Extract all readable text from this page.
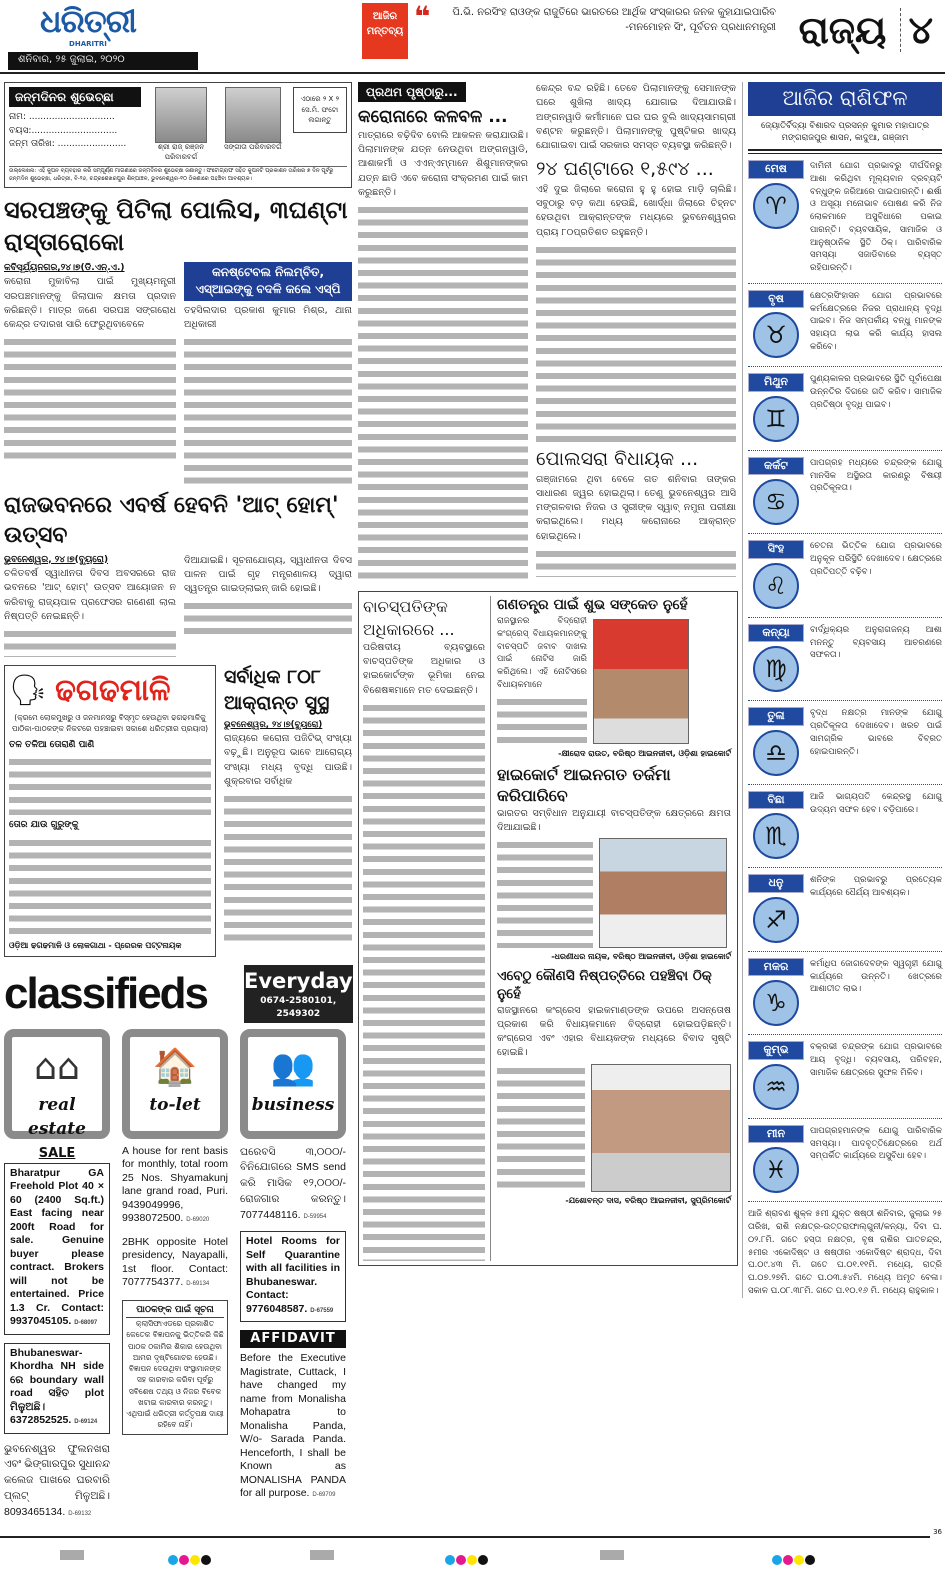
ଧରିତ୍ରୀ
DHARITRI
ଶନିବାର, ୨୫ ଜୁଲାଇ, ୨୦୨୦
ଆଜିର ମନ୍ତବ୍ୟ ❝	ପି.ଭି. ନରସିଂହ ରାଓଙ୍କ ରାଜୁତିରେ ଭାରତରେ ଆର୍ଥିକ ସଂସ୍କାରର ଜନକ କୁହାଯାଇପାରିବ
-ମନମୋହନ ସିଂ, ପୂର୍ବତନ ପ୍ରଧାନମନ୍ତ୍ରୀ ରାଜ୍ୟ ୪
ଜନ୍ମଦିନର ଶୁଭେଚ୍ଛା
ନାମ: ..............................
ବୟସ:..............................
ଜନ୍ମ ତାରିଖ: ........................	ଶ୍ରୀ ରାଜ୍ ରଞ୍ଜନ ପରିବାରବର୍ଗ
ସଙ୍ଗୀତା ପରିବାରବର୍ଗ
ଏଠାରେ ୨ X ୨ ସେ.ମି. ଫଟୋ ଲଗାନ୍ତୁ
ଉଲ୍ଲେଖନା: ଏହି କୁପନ ବ୍ୟବହାର କରି ସମ୍ପୂର୍ଣ୍ଣ ମାଗଣାରେ ଜନ୍ମଦିନର ଶୁଭେଚ୍ଛା ଜଣାନ୍ତୁ। ଫଟୋଗ୍ରାଫ ସହିତ କୁପନଟି ପ୍ରକାଶନ ତାରିଖର ୭ ଦିନ ପୂର୍ବରୁ ଜନ୍ମଦିନ ଶୁଭେଚ୍ଛା, ଧରିତ୍ରୀ, ବି-୨୬, ଚନ୍ଦ୍ରଶେଖରପୁର ଶିଳ୍ପାଞ୍ଚଳ, ଭୁବନେଶ୍ୱର-୧୦ ଠିକଣାରେ ପହଞ୍ଚିବା ଆବଶ୍ୟକ।
ସରପଞ୍ଚଙ୍କୁ ପିଟିଲା ପୋଲିସ, ୩ଘଣ୍ଟା ରାସ୍ତାରୋକୋ
କବିସୂର୍ଯ୍ୟନଗର,୨୪।୭(ଡି.ଏନ୍.ଏ.)
କରୋନା ମୁକାବିଲା ପାଇଁ ମୁଖ୍ୟମନ୍ତ୍ରୀ ସରପଞ୍ଚମାନଙ୍କୁ ଜିଲାପାଳ କ୍ଷମତା ପ୍ରଦାନ କରିଛନ୍ତି। ମାତ୍ର ଜଣେ ସରପଞ୍ଚ ସଙ୍ଗରୋଧ କେନ୍ଦ୍ର ତଦାରଖ ସାରି ଫେରୁଥିବାବେଳେ
କନଷ୍ଟେବଲ ନିଲମ୍ବିତ, ଏସ୍ଆଇଙ୍କୁ ବଦଳି କଲେ ଏସ୍ପି
ତହସିଲଦାର ପ୍ରକାଶ କୁମାର ମିଶ୍ର, ଥାନା ଅଧିକାରୀ
ରାଜଭବନରେ ଏବର୍ଷ ହେବନି 'ଆଟ୍ ହୋମ୍' ଉତ୍ସବ
ଭୁବନେଶ୍ୱର, ୨୪।୭(ବ୍ୟୁରୋ)
ଚଳିତବର୍ଷ ସ୍ୱାଧୀନତା ଦିବସ ଅବସରରେ ରାଜ ଭବନରେ 'ଆଟ୍ ହୋମ୍' ଉତ୍ସବ ଆୟୋଜନ ନ କରିବାକୁ ରାଜ୍ୟପାଳ ପ୍ରଫେସର ଗଣେଶୀ ଲାଲ ନିଷ୍ପତ୍ତି ନେଇଛନ୍ତି।
ଦିଆଯାଇଛି। ସୂଚନାଯୋଗ୍ୟ, ସ୍ୱାଧୀନତା ଦିବସ ପାଳନ ପାଇଁ ଗୃହ ମନ୍ତ୍ରଣାଳୟ ଦ୍ୱାରା ସ୍ୱତନ୍ତ୍ର ଗାଇଡ୍ଲାଇନ୍ ଜାରି ହୋଇଛି।
🗣 ଢଗଢମାଳି
(କ୍ରମେ ଲୋକମୁଖରୁ ଓ ଜନମାନସରୁ ବିସ୍ମୃତ ହେଉଥିବା ଢଗଢମାଳିକୁ ପାଠିକା-ପାଠକଙ୍କ ନିକଟରେ ପହଞ୍ଚାଇବା ସକାଶେ ଧରିତ୍ରୀର ପ୍ରୟାସ)
ତଳ ତଳିଆ ତୋରାଣି ପାଣି
ତୋର ଯାଉ ଗୁରୁଙ୍କୁ
ଓଡ଼ିଆ ଢଗଢମାଳି ଓ ଲୋକଗାଥା - ପ୍ରେରକ ପଟ୍ଟନାୟକ
ସର୍ବାଧିକ ୮୦୮ ଆକ୍ରାନ୍ତ ସୁସ୍ଥ
ଭୁବନେଶ୍ୱର, ୨୪।୭(ବ୍ୟୁରୋ)
ରାଜ୍ୟରେ କରୋନା ପଜିଟିଭ୍ ସଂଖ୍ୟା ବଢ଼ୁଛି। ଅନୁରୂପ ଭାବେ ଆରୋଗ୍ୟ ସଂଖ୍ୟା ମଧ୍ୟ ବୃଦ୍ଧି ପାଉଛି। ଶୁକ୍ରବାର ସର୍ବାଧିକ
classifieds	Everyday
0674-2580101, 2549302
⌂⌂
real estate
🏠
to-let
👥
business
SALE
Bharatpur GA Freehold Plot 40 × 60 (2400 Sq.ft.) East facing near 200ft Road for sale. Genuine buyer please contract. Brokers will not be entertained. Price 1.3 Cr. Contact: 9937045105. D-68097
Bhubaneswar-Khordha NH side ରେ boundary wall road ସହିତ plot ମିଳୁଅଛି। 6372852525. D-69124
ଭୁବନେଶ୍ୱର ଫୁଲନଖରା ଏବଂ ଭିଙ୍ଗାରପୁର ସୁଧାନନ୍ଦ କଲେଜ ପାଖରେ ଘରବାରି ପ୍ଲଟ୍ ମିଳୁଅଛି। 8093465134. D-69132
A house for rent basis for monthly, total room 25 Nos. Shyamakunj lane grand road, Puri. 9439049996, 9938072500. D-69020
2BHK opposite Hotel presidency, Nayapalli, 1st floor. Contact: 7077754377. D-69134
ପାଠକଙ୍କ ପାଇଁ ସୂଚନା
କ୍ଲାସିଫାଏଡରେ ପ୍ରକାଶିତ କେତେକ ବିଜ୍ଞାପନକୁ ଭିତ୍ତିକରି କିଛି ପାଠକ ଠକାମିର ଶିକାର ହେଉଥିବା ଆମର ଦୃଷ୍ଟିଗୋଚର ହେଉଛି। ବିଜ୍ଞାପନ ଦେଉଥିବା ସଂସ୍ଥାମାନଙ୍କ ସହ କାରବାର କରିବା ପୂର୍ବରୁ ସବିଶେଷ ତଥ୍ୟ ଓ ନିଜର ବିବେକ ଖଟାଇ କାରବାର କରନ୍ତୁ। ଏଥିପାଇଁ ଧରିତ୍ରୀ କର୍ତ୍ତୃପକ୍ଷ ଦାୟୀ ରହିବେ ନାହିଁ।
ଘରେବସି ୩,୦୦୦/- ବିନିଯୋଗରେ SMS send କରି ମାସିକ ୧୨,୦୦୦/- ରୋଜଗାର କରନ୍ତୁ। 7077448116. D-59954
Hotel Rooms for Self Quarantine with all facilities in Bhubaneswar. Contact: 9776048587. D-67559
AFFIDAVIT
Before the Executive Magistrate, Cuttack, I have changed my name from Monalisha Mohapatra to Monalisha Panda, W/o- Sarada Panda. Henceforth, I shall be Known as MONALISHA PANDA for all purpose. D-69709
ପ୍ରଥମ ପୃଷ୍ଠାରୁ...
କରୋନାରେ କଳବଳ ...
ମାତ୍ରାରେ ବଢ଼ିଦିବ ବୋଲି ଆକଳନ କରାଯାଉଛି। ପିଲାମାନଙ୍କ ଯତ୍ନ ନେଉଥିବା ଅଙ୍ଗନୱାଡି, ଆଶାକର୍ମୀ ଓ ଏଏନ୍ଏମ୍ମାନେ ଶିଶୁମାନଙ୍କର ଯତ୍ନ ଛାଡି ଏବେ କରୋନା ସଂକ୍ରମଣ ପାଇଁ କାମ କରୁଛନ୍ତି।
କେନ୍ଦ୍ର ବନ୍ଦ ରହିଛି। ତେବେ ପିଲାମାନଙ୍କୁ ସେମାନଙ୍କ ଘରେ ଶୁଖିଲା ଖାଦ୍ୟ ଯୋଗାଇ ଦିଆଯାଉଛି। ଅଙ୍ଗନୱାଡି କର୍ମୀମାନେ ଘର ଘର ବୁଲି ଖାଦ୍ୟସାମଗ୍ରୀ ବଣ୍ଟନ କରୁଛନ୍ତି। ପିଲାମାନଙ୍କୁ ପୁଷ୍ଟିକର ଖାଦ୍ୟ ଯୋଗାଇବା ପାଇଁ ସରକାର ସମସ୍ତ ବ୍ୟବସ୍ଥା କରିଛନ୍ତି।
୨୪ ଘଣ୍ଟାରେ ୧,୫୯୪ ...
ଏହି ଦୁଇ ଜିଲାରେ କରୋନା ହୁ ହୁ ହୋଇ ମାଡ଼ି ଚାଲିଛି। ସବୁଠାରୁ ବଡ଼ କଥା ହେଉଛି, ଖୋର୍ଦ୍ଧା ଜିଲାରେ ଚିହ୍ନଟ ହେଉଥିବା ଆକ୍ରାନ୍ତଙ୍କ ମଧ୍ୟରେ ଭୁବନେଶ୍ୱରର ପ୍ରାୟ ୮୦ପ୍ରତିଶତ ରହୁଛନ୍ତି।
ପୋଲସରା ବିଧାୟକ ...
ଗଞ୍ଜାମରେ ଥିବା ବେଳେ ଗତ ଶନିବାର ତାଙ୍କର ସାଧାରଣ ଜ୍ୱର ହୋଇଥିଲା। ତେଣୁ ଭୁବନେଶ୍ୱର ଆସି ମଙ୍ଗଳବାର ନିଜର ଓ ସ୍ତ୍ରୀଙ୍କ ସ୍ୱାବ୍ ନମୁନା ପରୀକ୍ଷା କରାଇଥିଲେ। ମଧ୍ୟ କରୋନାରେ ଆକ୍ରାନ୍ତ ହୋଇଥିଲେ।
ବାଚସ୍ପତିଙ୍କ ଅଧିକାରରେ ...
ପରିଷଦୀୟ ବ୍ୟବସ୍ଥାରେ ବାଚସ୍ପତିଙ୍କ ଅଧିକାର ଓ ହାଇକୋର୍ଟଙ୍କ ଭୂମିକା ନେଇ ବିଶେଷଜ୍ଞମାନେ ମତ ଦେଇଛନ୍ତି।
ଗଣତନ୍ତ୍ର ପାଇଁ ଶୁଭ ସଙ୍କେତ ନୁହେଁ
ରାଜସ୍ଥାନର ବିଦ୍ରୋହୀ କଂଗ୍ରେସ୍ ବିଧାୟକମାନଙ୍କୁ ବାଚସ୍ପତି ଜବାବ ଦାଖଲ ପାଇଁ ନୋଟିସ ଜାରି କରିଥିଲେ। ଏହି ନୋଟିସରେ ବିଧାୟକମାନେ
-କ୍ଷୀରୋଦ ରାଉତ, ବରିଷ୍ଠ ଆଇନଜୀବୀ, ଓଡ଼ିଶା ହାଇକୋର୍ଟ
ହାଇକୋର୍ଟ ଆଇନଗତ ତର୍ଜମା କରିପାରିବେ
ଭାରତର ସମ୍ବିଧାନ ଅନୁଯାୟୀ ବାଚସ୍ପତିଙ୍କ କ୍ଷେତ୍ରରେ କ୍ଷମତା ଦିଆଯାଇଛି।
-ଧରଣୀଧର ନାୟକ, ବରିଷ୍ଠ ଆଇନଜୀବୀ, ଓଡ଼ିଶା ହାଇକୋର୍ଟ
ଏବେଠୁ କୌଣସି ନିଷ୍ପତ୍ତିରେ ପହଞ୍ଚିବା ଠିକ୍ ନୁହେଁ
ରାଜସ୍ଥାନରେ କଂଗ୍ରେସ ହାଇକମାଣ୍ଡଙ୍କ ଉପରେ ଅସନ୍ତୋଷ ପ୍ରକାଶ କରି ବିଧାୟକମାନେ ବିଦ୍ରୋହୀ ହୋଇପଡ଼ିଛନ୍ତି। କଂଗ୍ରେସ ଏବଂ ଏହାର ବିଧାୟକଙ୍କ ମଧ୍ୟରେ ବିବାଦ ସୃଷ୍ଟି ହୋଇଛି।
-ଯଶୋବନ୍ତ ଦାସ, ବରିଷ୍ଠ ଆଇନଜୀବୀ, ସୁପ୍ରିମକୋର୍ଟ
ଆଜିର ରାଶିଫଳ
ଜ୍ୟୋତିର୍ବିଦ୍ୟା ବିଶାରଦ ପ୍ରସନ୍ନ କୁମାର ମହାପାତ୍ର
ମଙ୍ଗରାଜପୁର ଶାସନ, କାଦୁଆ, ଗଞ୍ଜାମ
ମେଷ
♈
ଦାମିନୀ ଯୋଗ ପ୍ରଭାବରୁ ଦୀର୍ଘଦିନରୁ ଆଶା କରିଥିବା ମୂଲ୍ୟବାନ ଦ୍ରବ୍ୟଟି ବନ୍ଧୁଙ୍କ ଜରିଆରେ ପାଇପାରନ୍ତି। ଈର୍ଷା ଓ ଅସୂୟା ମନୋଭାବ ପୋଷଣ କରି ନିଜ ଲୋକମାନେ ଅସୁବିଧାରେ ପକାଇ ପାରନ୍ତି। ବ୍ୟବସାୟିକ, ସାମାଜିକ ଓ ଆନୁଷ୍ଠାନିକ ସ୍ଥିତି ଠିକ୍। ପାରିବାରିକ ସମସ୍ୟା ସଜାଡିବାରେ ବ୍ୟସ୍ତ ରହିପାରନ୍ତି।
ବୃଷ
♉
କ୍ଷେତ୍ରସିଂହାସନ ଯୋଗ ପ୍ରଭାବରେ କର୍ମକ୍ଷେତ୍ରରେ ନିଜର ପ୍ରାଧାନ୍ୟ ବୃଦ୍ଧି ପାଇବ। ନିଜ ସମ୍ପର୍କୀୟ ବନ୍ଧୁ ମାନଙ୍କ ସହାୟତା ଲାଭ କରି କାର୍ଯ୍ୟ ହାସଲ କରିବେ।
ମିଥୁନ
♊
ପୁଣ୍ୟକାଳର ପ୍ରଭାବରେ ସ୍ଥିତି ପୂର୍ବାପେକ୍ଷା ଉନ୍ନତିର ଦିଗରେ ଗତି କରିବ। ସାମାଜିକ ପ୍ରତିଷ୍ଠା ବୃଦ୍ଧି ପାଇବ।
କର୍କଟ
♋
ପାପଗ୍ରହ ମଧ୍ୟରେ ଚନ୍ଦ୍ରଙ୍କ ଯୋଗୁ ମାନସିକ ଅସ୍ଥିରତା କାରଣରୁ ବିଷୟୀ ପ୍ରତିକୂଳତା।
ସିଂହ
♌
ଚେତନା ଭିତ୍ତିକ ଯୋଗ ପ୍ରଭାବରେ ଅନୁକୂଳ ପରିସ୍ଥିତି ଦେଖାଦେବ। କ୍ଷେତ୍ରରେ ପ୍ରତିପତ୍ତି ବଢ଼ିବ।
କନ୍ୟା
♍
ବାର୍ଦ୍ଧିକ୍ୟର ଅନୁରାଗଜନ୍ୟ ଆଶା ମନନ୍ତୁ ବ୍ୟବସାୟ ଆଚରଣରେ ସଫଳତା।
ତୁଳା
♎
ବୃଦ୍ଧ ନକ୍ଷତ୍ର ମାନଙ୍କ ଯୋଗୁ ପ୍ରତିକୂଳତା ଦେଖାଦେବ। ଖରଚ ପାଇଁ ସାମଗ୍ରିକ ଭାବରେ ବିବ୍ରତ ହୋଇପାରନ୍ତି।
ବିଛା
♏
ଆଜି ଭାଗ୍ୟପତି କେନ୍ଦ୍ରସ୍ଥ ଯୋଗୁ ଉଦ୍ୟମ ସଫଳ ହେବ। ବଡ଼ିପାରେ।
ଧନୁ
♐
ଶନିଙ୍କ ପ୍ରଭାବରୁ ପ୍ରତ୍ୟେକ କାର୍ଯ୍ୟରେ ଧୈର୍ଯ୍ୟ ଆବଶ୍ୟକ।
ମକର
♑
କର୍ମାଧିପ ଜୋଗଦେବଙ୍କ ସ୍ୱଗୃହୀ ଯୋଗୁ କାର୍ଯ୍ୟରେ ଉନ୍ନତି। ଖେତ୍ରରେ ଆଶାତୀତ ଲାଭ।
କୁମ୍ଭ
♒
ବକ୍ରଭୀ ଚନ୍ଦ୍ରଙ୍କ ଯୋଗ ପ୍ରଭାବରେ ଆୟ ବୃଦ୍ଧି। ବ୍ୟବସାୟ, ପରିବହନ, ସାମାଜିକ କ୍ଷେତ୍ରରେ ସୁଫଳ ମିଳିବ।
ମୀନ
♓
ପାପଗ୍ରହମାନଙ୍କ ଯୋଗୁ ପାରିବାରିକ ସମସ୍ୟା। ପାଦବୃତ୍ତିକ୍ଷେତ୍ରରେ ଅର୍ଥ ସମ୍ପର୍କିତ କାର୍ଯ୍ୟରେ ଅସୁବିଧା ହେବ।
ଆଜି ଶ୍ରାବଣ ଶୁକ୍ଳ ୫ମୀ ଯୁକ୍ତ ଷଷ୍ଠୀ ଶନିବାର, ଜୁଲାଇ ୨୫ ତାରିଖ, ରାଶି ନକ୍ଷତ୍ର-ଉତ୍ତରାଫାଲ୍ଗୁନୀ/କନ୍ୟା, ଦିବା ଘ. ୦୨.୮ମି. ଗତେ ହସ୍ତା ନକ୍ଷତ୍ର, ବୃଷ ରାଶିର ଘାତଚନ୍ଦ୍ର, ୫ମୀର ଏକୋଦିଷ୍ଟ ଓ ଷଷ୍ଠୀର ଏକୋଦିଷ୍ଟ ଶ୍ରାଦ୍ଧ, ଦିବା ଘ.୦୯.୪୩ ମି. ଗତେ ଘ.୦୧.୧୧ମି. ମଧ୍ୟେ, ରାତ୍ରି ଘ.୦୭.୨୭ମି. ଗତେ ଘ.୦୩.୫୪ମି. ମଧ୍ୟେ ଅମୃତ ବେଳା। ସକାଳ ଘ.୦୮.୩୮ମି. ଗତେ ଘ.୧୦.୧୬ ମି. ମଧ୍ୟେ ରାହୁକାଳ।
36
